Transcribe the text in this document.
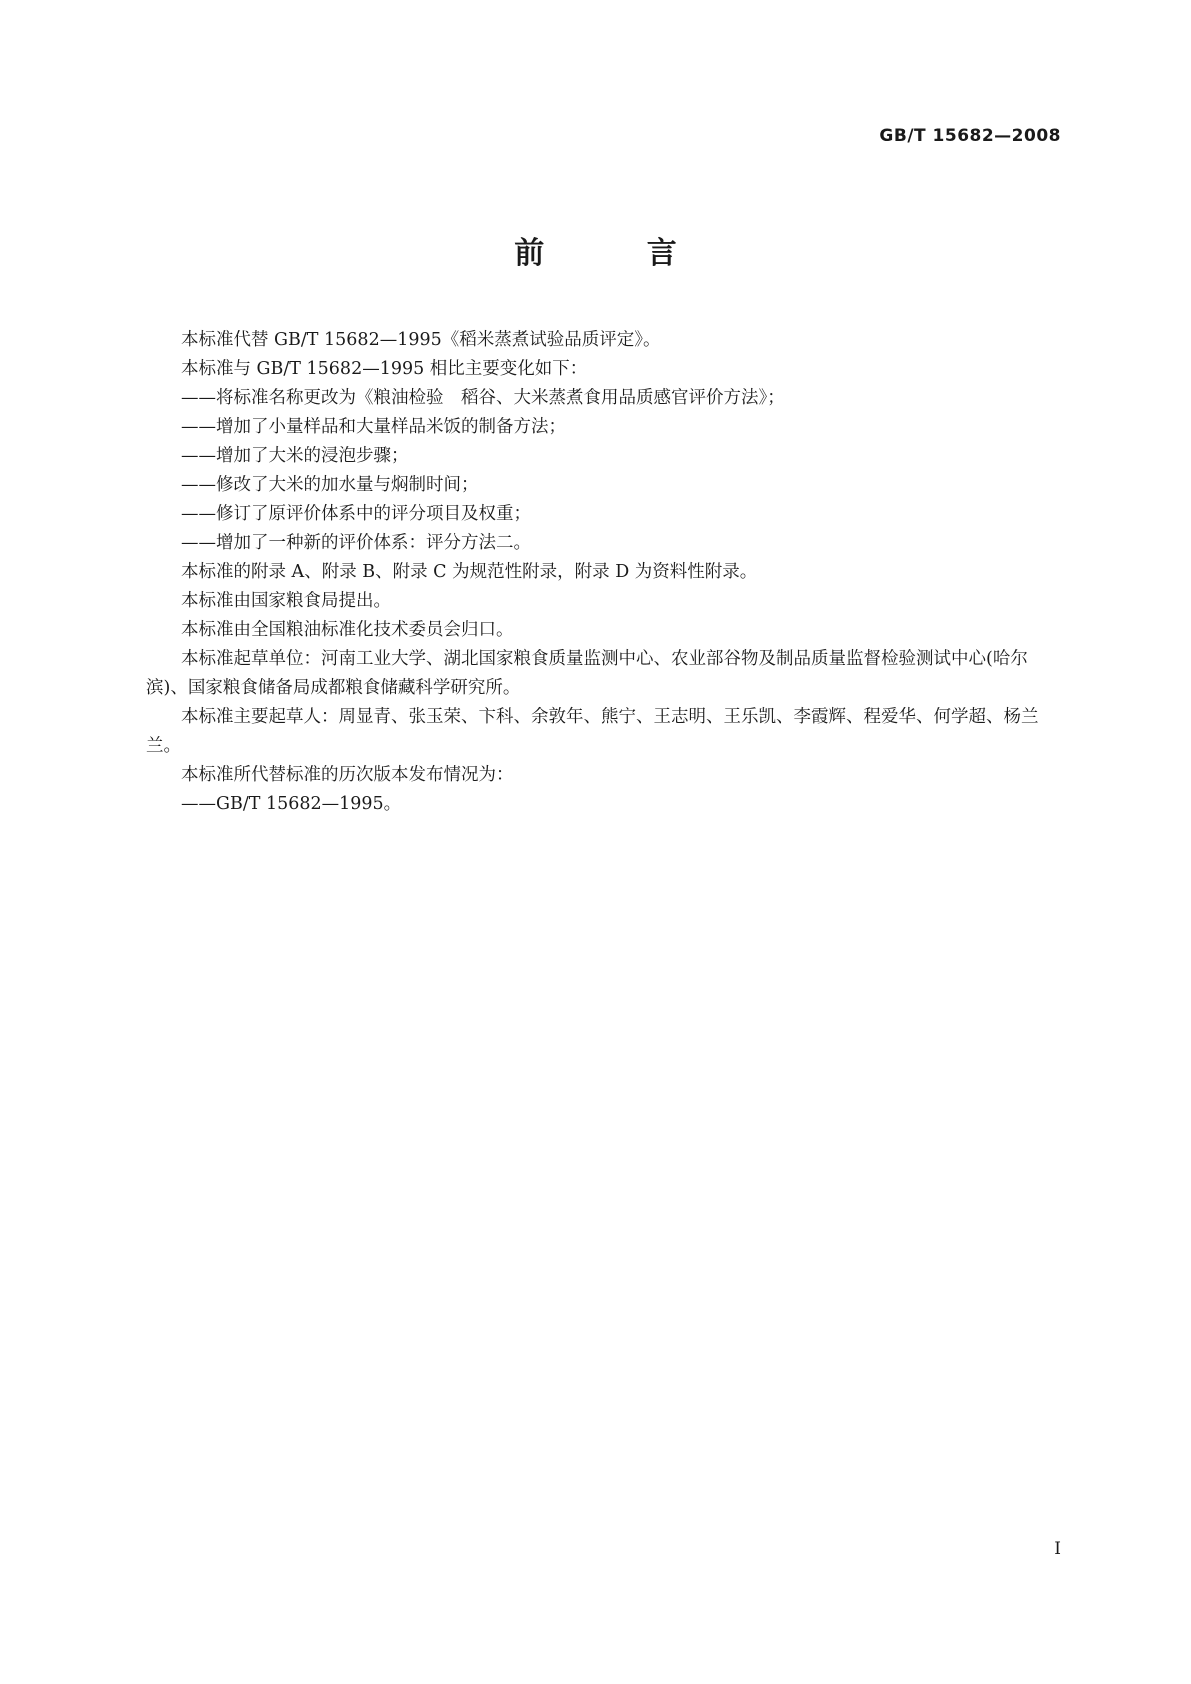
GB/T 15682—2008
前 言

本标准代替 GB/T 15682—1995《稻米蒸煮试验品质评定》。

本标准与 GB/T 15682—1995 相比主要变化如下：

——将标准名称更改为《粮油检验　稻谷、大米蒸煮食用品质感官评价方法》；

——增加了小量样品和大量样品米饭的制备方法；

——增加了大米的浸泡步骤；

——修改了大米的加水量与焖制时间；

——修订了原评价体系中的评分项目及权重；

——增加了一种新的评价体系：评分方法二。

本标准的附录 A、附录 B、附录 C 为规范性附录，附录 D 为资料性附录。

本标准由国家粮食局提出。

本标准由全国粮油标准化技术委员会归口。

本标准起草单位：河南工业大学、湖北国家粮食质量监测中心、农业部谷物及制品质量监督检验测试中心(哈尔滨)、国家粮食储备局成都粮食储藏科学研究所。

本标准主要起草人：周显青、张玉荣、卞科、余敦年、熊宁、王志明、王乐凯、李霞辉、程爱华、何学超、杨兰兰。

本标准所代替标准的历次版本发布情况为：

——GB/T 15682—1995。

I
